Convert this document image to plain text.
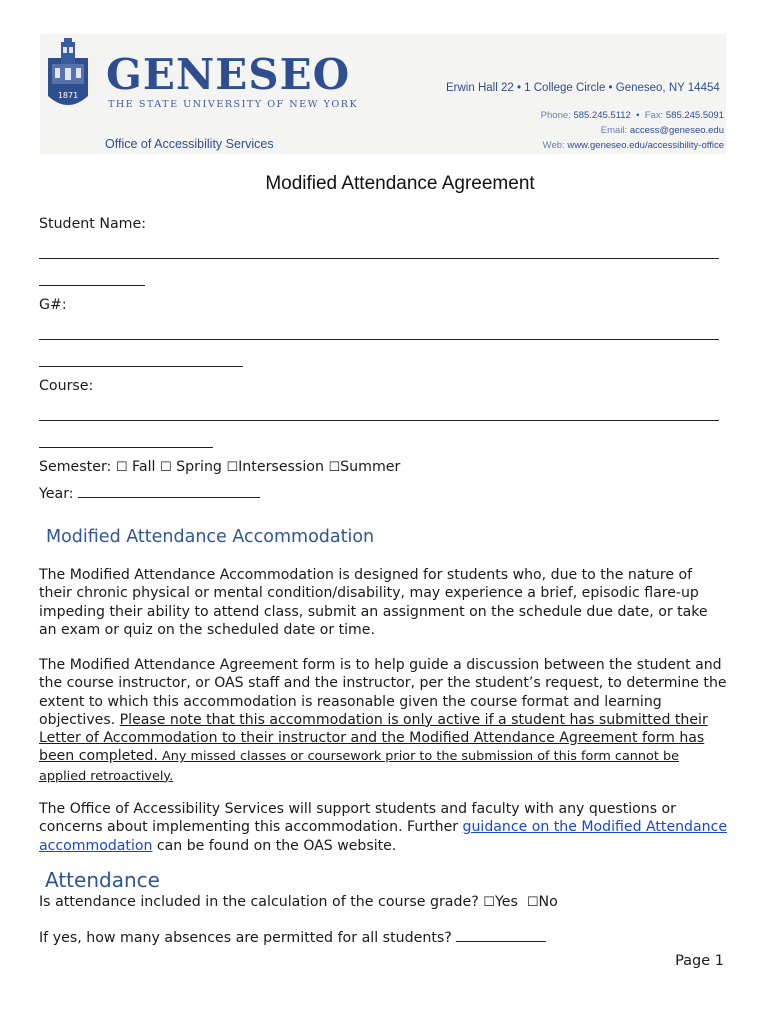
1871 GENESEO
THE STATE UNIVERSITY OF NEW YORK
Office of Accessibility Services
Erwin Hall 22 • 1 College Circle • Geneseo, NY 14454
Phone: 585.245.5112  •  Fax: 585.245.5091
Email: access@geneseo.edu
Web: www.geneseo.edu/accessibility-office
Modified Attendance Agreement
Student Name:
G#:
Course:
Semester: ☐ Fall ☐ Spring ☐Intersession ☐Summer
Year:
Modified Attendance Accommodation
The Modified Attendance Accommodation is designed for students who, due to the nature of their chronic physical or mental condition/disability, may experience a brief, episodic flare-up impeding their ability to attend class, submit an assignment on the schedule due date, or take an exam or quiz on the scheduled date or time.
The Modified Attendance Agreement form is to help guide a discussion between the student and the course instructor, or OAS staff and the instructor, per the student’s request, to determine the extent to which this accommodation is reasonable given the course format and learning objectives. Please note that this accommodation is only active if a student has submitted their Letter of Accommodation to their instructor and the Modified Attendance Agreement form has been completed. Any missed classes or coursework prior to the submission of this form cannot be applied retroactively.
The Office of Accessibility Services will support students and faculty with any questions or concerns about implementing this accommodation. Further guidance on the Modified Attendance accommodation can be found on the OAS website.
Attendance
Is attendance included in the calculation of the course grade? ☐Yes ☐No
If yes, how many absences are permitted for all students?
Page 1
